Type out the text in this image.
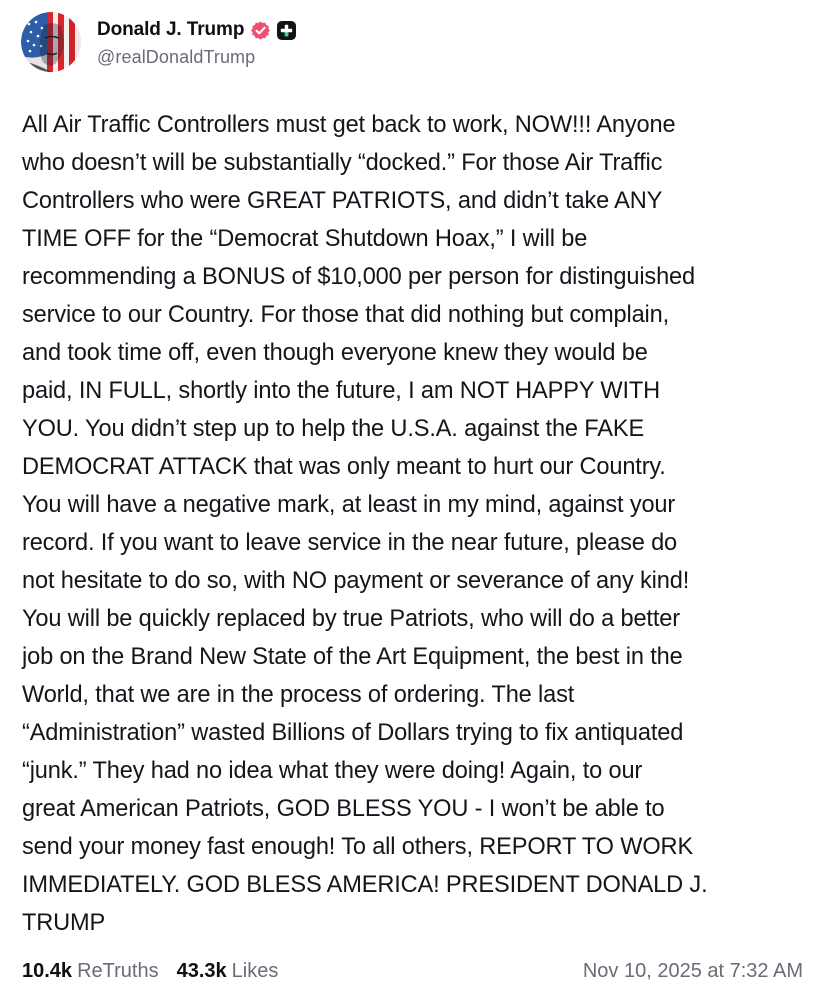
Donald J. Trump
@realDonaldTrump
All Air Traffic Controllers must get back to work, NOW!!! Anyone
who doesn’t will be substantially “docked.” For those Air Traffic
Controllers who were GREAT PATRIOTS, and didn’t take ANY
TIME OFF for the “Democrat Shutdown Hoax,” I will be
recommending a BONUS of $10,000 per person for distinguished
service to our Country. For those that did nothing but complain,
and took time off, even though everyone knew they would be
paid, IN FULL, shortly into the future, I am NOT HAPPY WITH
YOU. You didn’t step up to help the U.S.A. against the FAKE
DEMOCRAT ATTACK that was only meant to hurt our Country.
You will have a negative mark, at least in my mind, against your
record. If you want to leave service in the near future, please do
not hesitate to do so, with NO payment or severance of any kind!
You will be quickly replaced by true Patriots, who will do a better
job on the Brand New State of the Art Equipment, the best in the
World, that we are in the process of ordering. The last
“Administration” wasted Billions of Dollars trying to fix antiquated
“junk.” They had no idea what they were doing! Again, to our
great American Patriots, GOD BLESS YOU - I won’t be able to
send your money fast enough! To all others, REPORT TO WORK
IMMEDIATELY. GOD BLESS AMERICA! PRESIDENT DONALD J.
TRUMP
10.4k ReTruths 43.3k Likes	Nov 10, 2025 at 7:32 AM
